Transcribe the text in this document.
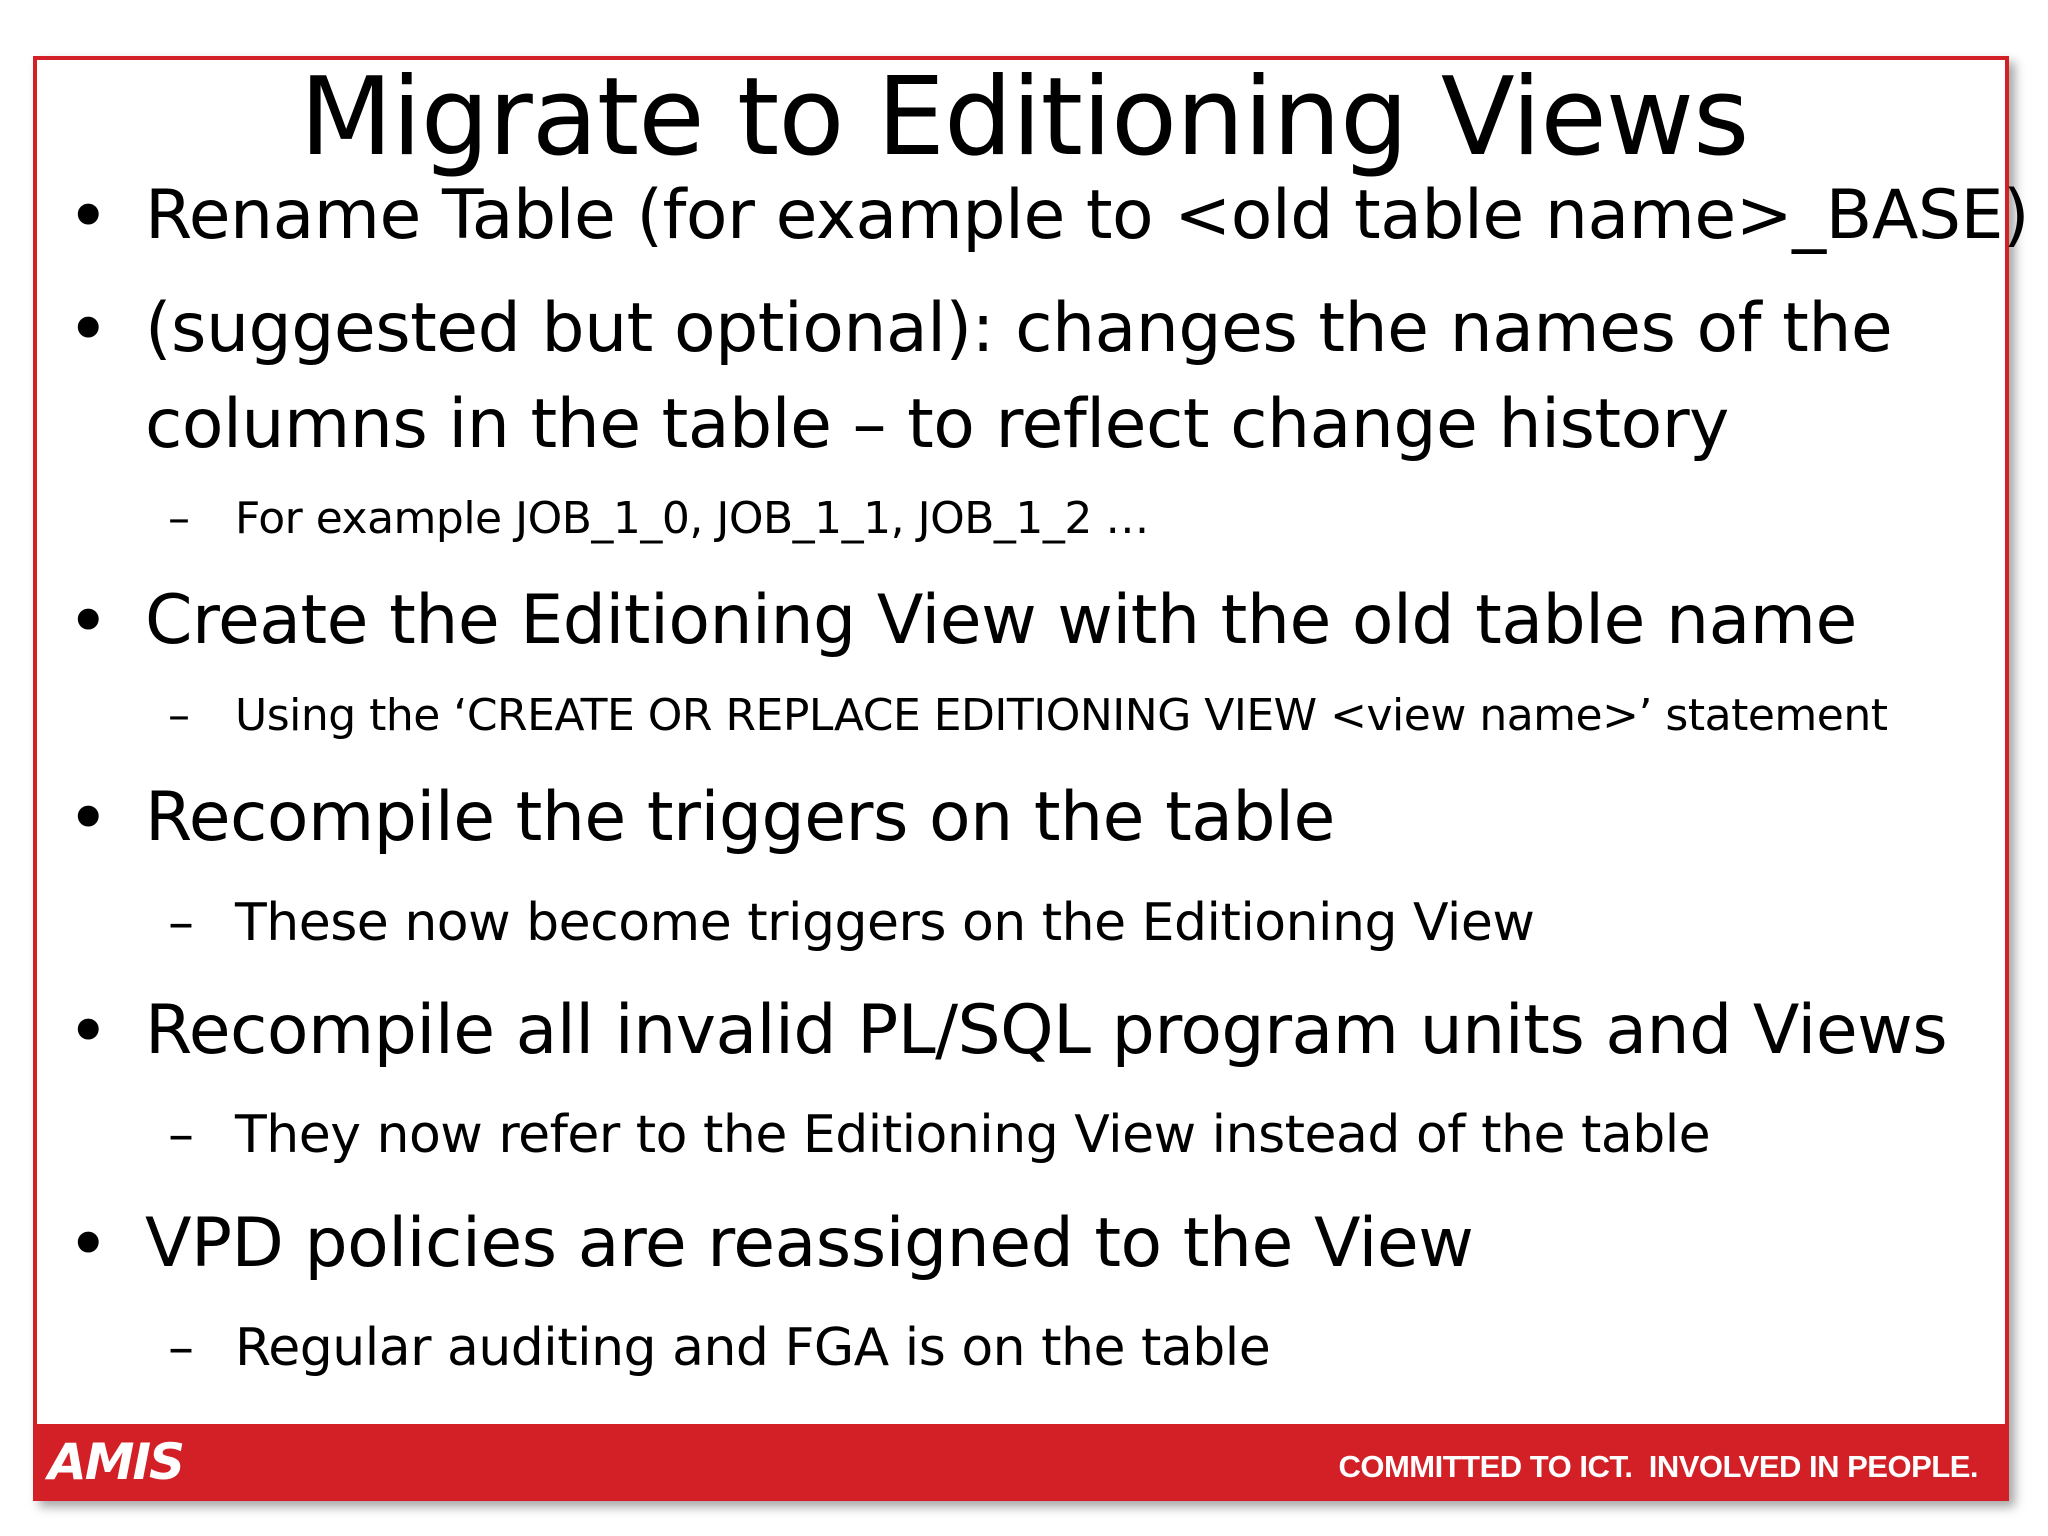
Migrate to Editioning Views
• Rename Table (for example to <old table name>_BASE)
• (suggested but optional): changes the names of the
columns in the table – to reflect change history
– For example JOB_1_0, JOB_1_1, JOB_1_2 …
• Create the Editioning View with the old table name
– Using the ‘CREATE OR REPLACE EDITIONING VIEW <view name>’ statement
• Recompile the triggers on the table
– These now become triggers on the Editioning View
• Recompile all invalid PL/SQL program units and Views
– They now refer to the Editioning View instead of the table
• VPD policies are reassigned to the View
– Regular auditing and FGA is on the table
AMIS	COMMITTED TO ICT.  INVOLVED IN PEOPLE.
